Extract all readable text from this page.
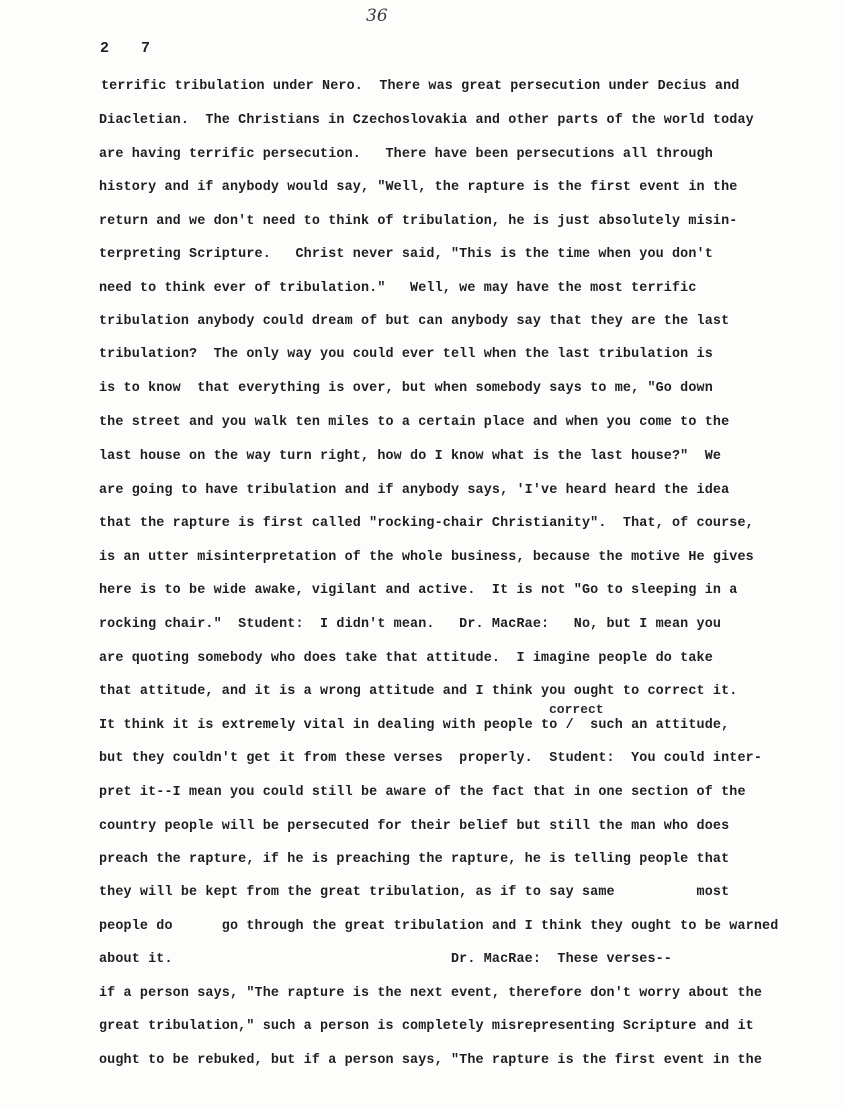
36
2 7
correct
terrific tribulation under Nero.  There was great persecution under Decius and
Diacletian.  The Christians in Czechoslovakia and other parts of the world today
are having terrific persecution.   There have been persecutions all through
history and if anybody would say, "Well, the rapture is the first event in the
return and we don't need to think of tribulation, he is just absolutely misin-
terpreting Scripture.   Christ never said, "This is the time when you don't
need to think ever of tribulation."   Well, we may have the most terrific
tribulation anybody could dream of but can anybody say that they are the last
tribulation?  The only way you could ever tell when the last tribulation is
is to know  that everything is over, but when somebody says to me, "Go down
the street and you walk ten miles to a certain place and when you come to the
last house on the way turn right, how do I know what is the last house?"  We
are going to have tribulation and if anybody says, 'I've heard heard the idea
that the rapture is first called "rocking-chair Christianity".  That, of course,
is an utter misinterpretation of the whole business, because the motive He gives
here is to be wide awake, vigilant and active.  It is not "Go to sleeping in a
rocking chair."  Student:  I didn't mean.   Dr. MacRae:   No, but I mean you
are quoting somebody who does take that attitude.  I imagine people do take
that attitude, and it is a wrong attitude and I think you ought to correct it.
It think it is extremely vital in dealing with people to /  such an attitude,
but they couldn't get it from these verses  properly.  Student:  You could inter-
pret it--I mean you could still be aware of the fact that in one section of the
country people will be persecuted for their belief but still the man who does
preach the rapture, if he is preaching the rapture, he is telling people that
they will be kept from the great tribulation, as if to say same          most
people do      go through the great tribulation and I think they ought to be warned
about it.                                  Dr. MacRae:  These verses--
if a person says, "The rapture is the next event, therefore don't worry about the
great tribulation," such a person is completely misrepresenting Scripture and it
ought to be rebuked, but if a person says, "The rapture is the first event in the
